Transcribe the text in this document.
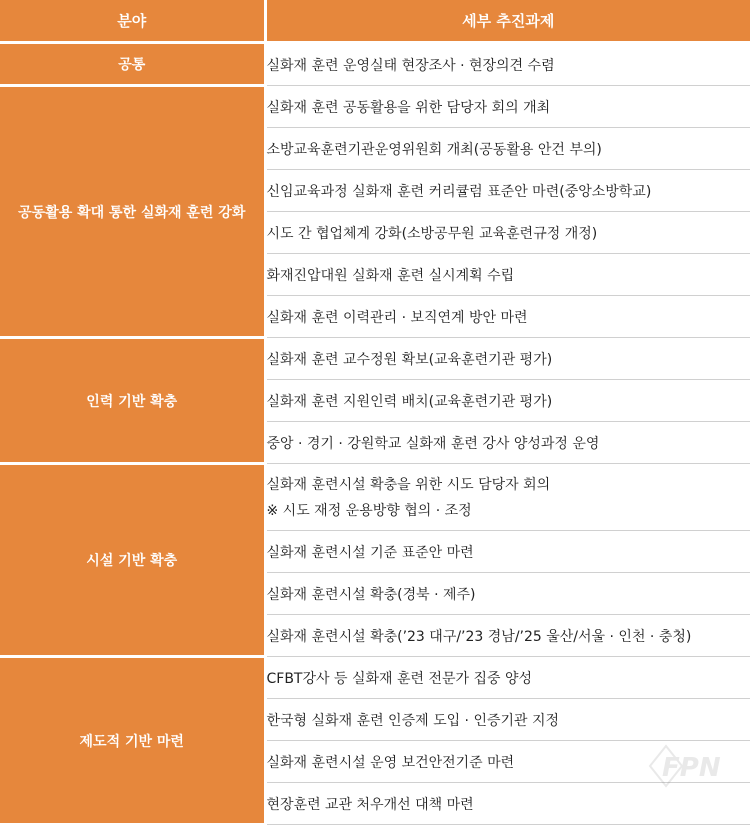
분야	세부 추진과제
공통	실화재 훈련 운영실태 현장조사 · 현장의견 수렴
공동활용 확대 통한 실화재 훈련 강화	실화재 훈련 공동활용을 위한 담당자 회의 개최
	소방교육훈련기관운영위원회 개최(공동활용 안건 부의)
	신임교육과정 실화재 훈련 커리큘럼 표준안 마련(중앙소방학교)
	시도 간 협업체계 강화(소방공무원 교육훈련규정 개정)
	화재진압대원 실화재 훈련 실시계획 수립
	실화재 훈련 이력관리 · 보직연계 방안 마련
인력 기반 확충	실화재 훈련 교수정원 확보(교육훈련기관 평가)
	실화재 훈련 지원인력 배치(교육훈련기관 평가)
	중앙 · 경기 · 강원학교 실화재 훈련 강사 양성과정 운영
시설 기반 확충	실화재 훈련시설 확충을 위한 시도 담당자 회의
※ 시도 재정 운용방향 협의 · 조정

	실화재 훈련시설 기준 표준안 마련
	실화재 훈련시설 확충(경북 · 제주)
	실화재 훈련시설 확충(’23 대구/’23 경남/’25 울산/서울 · 인천 · 충청)
제도적 기반 마련	CFBT강사 등 실화재 훈련 전문가 집중 양성
	한국형 실화재 훈련 인증제 도입 · 인증기관 지정
	실화재 훈련시설 운영 보건안전기준 마련
	현장훈련 교관 처우개선 대책 마련
FPN
